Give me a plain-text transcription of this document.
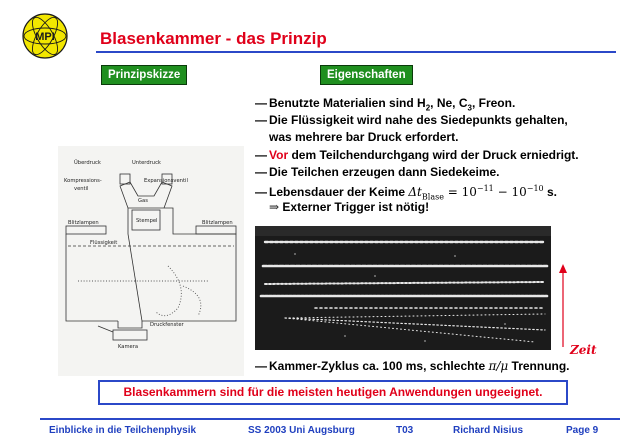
MPI	Blasenkammer - das Prinzip
Prinzipskizze	Eigenschaften
— Benutzte Materialien sind $H_2$, Ne, $C_3$, Freon.
— Die Flüssigkeit wird nahe des Siedepunkts gehalten,
was mehrere bar Druck erfordert.
— Vor dem Teilchendurchgang wird der Druck erniedrigt.
— Die Teilchen erzeugen dann Siedekeime.
— Lebensdauer der Keime $\Delta t_{Blase} = 10^{-11} - 10^{-10}$ s.
⇒ Externer Trigger ist nötig!
— Kammer-Zyklus ca. 100 ms, schlechte π/μ Trennung.
Überdruck	Unterdruck
Kompressions-
ventil
Expansionsventil
Gas
Stempel
Blitzlampen	Blitzlampen
Flüssigkeit
Druckfenster
Kamera	Zeit
Blasenkammern sind für die meisten heutigen Anwendungen ungeeignet.
Einblicke in die Teilchenphysik	SS 2003 Uni Augsburg	T03	Richard Nisius	Page 9
